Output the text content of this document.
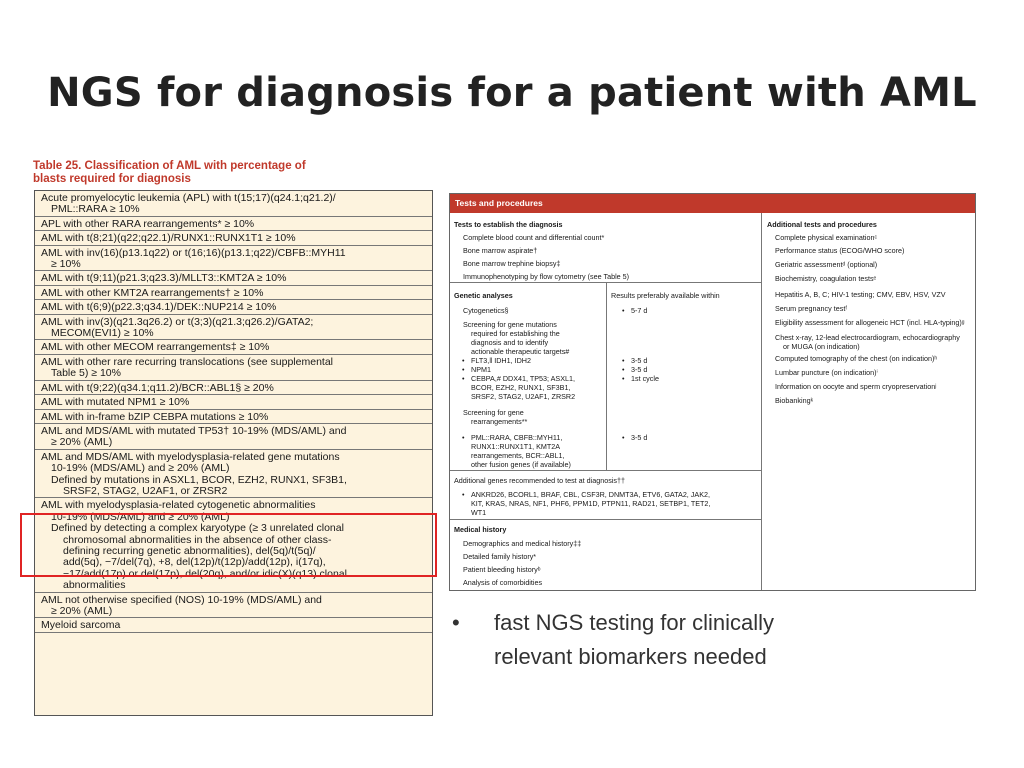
NGS for diagnosis for a patient with AML
Table 25. Classification of AML with percentage of
blasts required for diagnosis
Acute promyelocytic leukemia (APL) with t(15;17)(q24.1;q21.2)/
PML::RARA ≥ 10%
APL with other RARA rearrangements* ≥ 10%
AML with t(8;21)(q22;q22.1)/RUNX1::RUNX1T1 ≥ 10%
AML with inv(16)(p13.1q22) or t(16;16)(p13.1;q22)/CBFB::MYH11
≥ 10%
AML with t(9;11)(p21.3;q23.3)/MLLT3::KMT2A ≥ 10%
AML with other KMT2A rearrangements† ≥ 10%
AML with t(6;9)(p22.3;q34.1)/DEK::NUP214 ≥ 10%
AML with inv(3)(q21.3q26.2) or t(3;3)(q21.3;q26.2)/GATA2;
MECOM(EVI1) ≥ 10%
AML with other MECOM rearrangements‡ ≥ 10%
AML with other rare recurring translocations (see supplemental
Table 5) ≥ 10%
AML with t(9;22)(q34.1;q11.2)/BCR::ABL1§ ≥ 20%
AML with mutated NPM1 ≥ 10%
AML with in-frame bZIP CEBPA mutations ≥ 10%
AML and MDS/AML with mutated TP53† 10-19% (MDS/AML) and
≥ 20% (AML)
AML and MDS/AML with myelodysplasia-related gene mutations
10-19% (MDS/AML) and ≥ 20% (AML)
Defined by mutations in ASXL1, BCOR, EZH2, RUNX1, SF3B1,
SRSF2, STAG2, U2AF1, or ZRSR2
AML with myelodysplasia-related cytogenetic abnormalities
10-19% (MDS/AML) and ≥ 20% (AML)
Defined by detecting a complex karyotype (≥ 3 unrelated clonal
chromosomal abnormalities in the absence of other class-
defining recurring genetic abnormalities), del(5q)/t(5q)/
add(5q), −7/del(7q), +8, del(12p)/t(12p)/add(12p), i(17q),
−17/add(17p) or del(17p), del(20q), and/or idic(X)(q13) clonal
abnormalities
AML not otherwise specified (NOS) 10-19% (MDS/AML) and
≥ 20% (AML)
Myeloid sarcoma
Tests and procedures
Tests to establish the diagnosis
Complete blood count and differential count*
Bone marrow aspirate†
Bone marrow trephine biopsy‡
Immunophenotyping by flow cytometry (see Table 5)
Genetic analyses	Results preferably available within
Cytogenetics§
•	5-7 d
Screening for gene mutations
required for establishing the
diagnosis and to identify
actionable therapeutic targets#
• FLT3,‖ IDH1, IDH2
• NPM1
• CEBPA,# DDX41, TP53; ASXL1,
BCOR, EZH2, RUNX1, SF3B1,
SRSF2, STAG2, U2AF1, ZRSR2
• 3-5 d
• 3-5 d
• 1st cycle
Screening for gene
rearrangements**
• PML::RARA, CBFB::MYH11,
RUNX1::RUNX1T1, KMT2A
rearrangements, BCR::ABL1,
other fusion genes (if available)
• 3-5 d
Additional genes recommended to test at diagnosis††
• ANKRD26, BCORL1, BRAF, CBL, CSF3R, DNMT3A, ETV6, GATA2, JAK2,
KIT, KRAS, NRAS, NF1, PHF6, PPM1D, PTPN11, RAD21, SETBP1, TET2,
WT1
Medical history
Demographics and medical history‡‡
Detailed family history*
Patient bleeding historyᵇ
Analysis of comorbidities
Additional tests and procedures
Complete physical examinationᶜ
Performance status (ECOG/WHO score)
Geriatric assessmentᵈ (optional)
Biochemistry, coagulation testsᵉ
Hepatitis A, B, C; HIV-1 testing; CMV, EBV, HSV, VZV
Serum pregnancy testᶠ
Eligibility assessment for allogeneic HCT (incl. HLA-typing)ᵍ
Chest x-ray, 12-lead electrocardiogram, echocardiography
or MUGA (on indication)
Computed tomography of the chest (on indication)ʰ
Lumbar puncture (on indication)ⁱ
Information on oocyte and sperm cryopreservationʲ
Biobankingᵏ
• fast NGS testing for clinically relevant biomarkers needed
